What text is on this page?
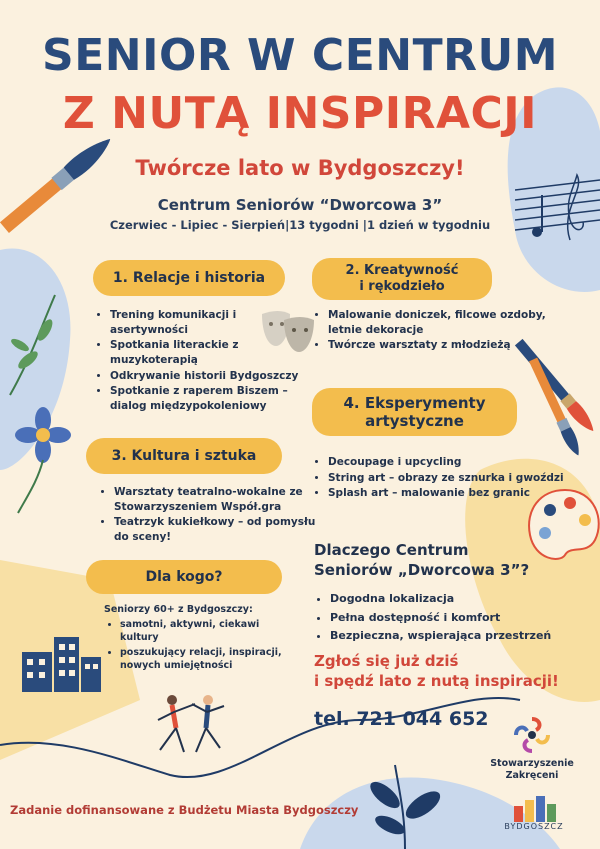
SENIOR W CENTRUM
Z NUTĄ INSPIRACJI
Twórcze lato w Bydgoszczy!
Centrum Seniorów “Dworcowa 3”
Czerwiec - Lipiec - Sierpień|13 tygodni |1 dzień w tygodniu
1. Relacje i historia
• Trening komunikacji i asertywności
• Spotkania literackie z muzykoterapią
• Odkrywanie historii Bydgoszczy
• Spotkanie z raperem Biszem – dialog międzypokoleniowy
2. Kreatywność
i rękodzieło
• Malowanie doniczek, filcowe ozdoby, letnie dekoracje
• Twórcze warsztaty z młodzieżą
3. Kultura i sztuka
• Warsztaty teatralno-wokalne ze Stowarzyszeniem Współ.gra
• Teatrzyk kukiełkowy – od pomysłu do sceny!
4. Eksperymenty
artystyczne
• Decoupage i upcycling
• String art – obrazy ze sznurka i gwoździ
• Splash art – malowanie bez granic
Dla kogo?
Seniorzy 60+ z Bydgoszczy:
• samotni, aktywni, ciekawi kultury
• poszukujący relacji, inspiracji, nowych umiejętności
Dlaczego Centrum
Seniorów „Dworcowa 3”?
• Dogodna lokalizacja
• Pełna dostępność i komfort
• Bezpieczna, wspierająca przestrzeń
Zgłoś się już dziś
i spędź lato z nutą inspiracji!
tel. 721 044 652
Stowarzyszenie
Zakręceni
BYDGOSZCZ
Zadanie dofinansowane z Budżetu Miasta Bydgoszczy
